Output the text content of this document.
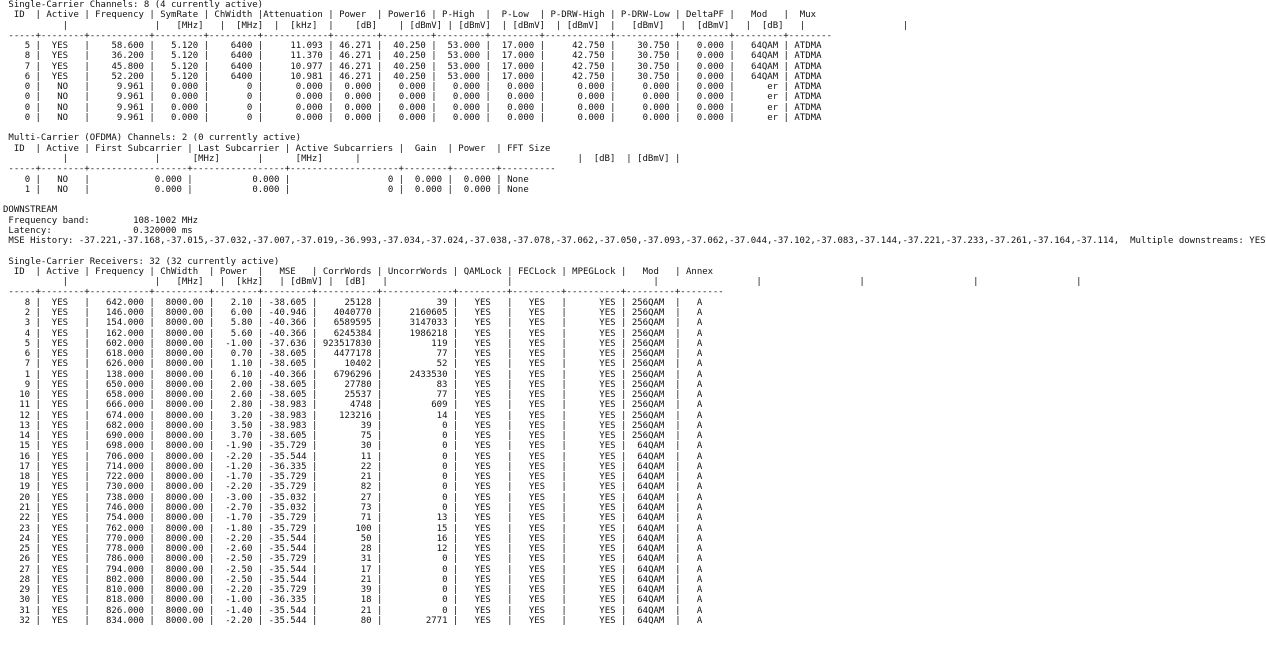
Single-Carrier Channels: 8 (4 currently active)
ID | Active | Frequency | SymRate | ChWidth |Attenuation | Power | Power16 | P-High | P-Low | P-DRW-High | P-DRW-Low | DeltaPF | Mod | Mux
|	| [MHz] | [MHz] | [kHz] | [dB] | [dBmV] | [dBmV] | [dBmV] | [dBmV] | [dBmV] | [dBmV] | [dB] |	|
-----+--------+-----------+---------+---------+------------+--------+---------+---------+---------+------------+-----------+---------+---------+--------
5 | YES | 58.600 | 5.120 | 6400 |	11.093 | 46.271 | 40.250 | 53.000 | 17.000 |	42.750 | 30.750 | 0.000 | 64QAM | ATDMA
8 | YES | 36.200 | 5.120 | 6400 |	11.370 | 46.271 | 40.250 | 53.000 | 17.000 |	42.750 | 30.750 | 0.000 | 64QAM | ATDMA
7 | YES | 45.800 | 5.120 | 6400 |	10.977 | 46.271 | 40.250 | 53.000 | 17.000 |	42.750 | 30.750 | 0.000 | 64QAM | ATDMA
6 | YES | 52.200 | 5.120 | 6400 |	10.981 | 46.271 | 40.250 | 53.000 | 17.000 |	42.750 | 30.750 | 0.000 | 64QAM | ATDMA
0 | NO |	9.961 | 0.000 |	0 |	0.000 | 0.000 | 0.000 | 0.000 | 0.000 |	0.000 |	0.000 | 0.000 |	er | ATDMA
0 | NO |	9.961 | 0.000 |	0 |	0.000 | 0.000 | 0.000 | 0.000 | 0.000 |	0.000 |	0.000 | 0.000 |	er | ATDMA
0 | NO |	9.961 | 0.000 |	0 |	0.000 | 0.000 | 0.000 | 0.000 | 0.000 |	0.000 |	0.000 | 0.000 |	er | ATDMA
0 | NO |	9.961 | 0.000 |	0 |	0.000 | 0.000 | 0.000 | 0.000 | 0.000 |	0.000 |	0.000 | 0.000 |	er | ATDMA
Multi-Carrier (OFDMA) Channels: 2 (0 currently active)
ID | Active | First Subcarrier | Last Subcarrier | Active Subcarriers | Gain | Power | FFT Size
|	|	[MHz]	|	[MHz]	|	| [dB] | [dBmV] |
-----+--------+------------------+-----------------+--------------------+--------+--------+----------
0 | NO |	0.000 |	0.000 |	0 | 0.000 | 0.000 | None
1 | NO |	0.000 |	0.000 |	0 | 0.000 | 0.000 | None
DOWNSTREAM
Frequency band:	108-1002 MHz
Latency:	0.320000 ms
MSE History: -37.221,-37.168,-37.015,-37.032,-37.007,-37.019,-36.993,-37.034,-37.024,-37.038,-37.078,-37.062,-37.050,-37.093,-37.062,-37.044,-37.102,-37.083,-37.144,-37.221,-37.233,-37.261,-37.164,-37.114, Multiple downstreams: YES
Single-Carrier Receivers: 32 (32 currently active)
ID | Active | Frequency | ChWidth | Power | MSE | CorrWords | UncorrWords | QAMLock | FECLock | MPEGLock | Mod | Annex
|	| [MHz] | [kHz] | [dBmV] | [dB] |	|	|	|	|	|	|
-----+--------+-----------+----------+--------+---------+-----------+-------------+---------+---------+----------+---------+--------
8 | YES | 642.000 | 8000.00 | 2.10 | -38.605 |	25128 |	39 | YES | YES |	YES | 256QAM | A
2 | YES | 146.000 | 8000.00 | 6.00 | -40.946 | 4040770 |	2160605 | YES | YES |	YES | 256QAM | A
3 | YES | 154.000 | 8000.00 | 5.80 | -40.366 | 6589595 |	3147033 | YES | YES |	YES | 256QAM | A
4 | YES | 162.000 | 8000.00 | 5.60 | -40.366 | 6245384 |	1986218 | YES | YES |	YES | 256QAM | A
5 | YES | 602.000 | 8000.00 | -1.00 | -37.636 | 923517830 |	119 | YES | YES |	YES | 256QAM | A
6 | YES | 618.000 | 8000.00 | 0.70 | -38.605 | 4477178 |	77 | YES | YES |	YES | 256QAM | A
7 | YES | 626.000 | 8000.00 | 1.10 | -38.605 |	10402 |	52 | YES | YES |	YES | 256QAM | A
1 | YES | 138.000 | 8000.00 | 6.10 | -40.366 | 6796296 |	2433530 | YES | YES |	YES | 256QAM | A
9 | YES | 650.000 | 8000.00 | 2.00 | -38.605 |	27780 |	83 | YES | YES |	YES | 256QAM | A
10 | YES | 658.000 | 8000.00 | 2.60 | -38.605 |	25537 |	77 | YES | YES |	YES | 256QAM | A
11 | YES | 666.000 | 8000.00 | 2.80 | -38.983 |	4748 |	609 | YES | YES |	YES | 256QAM | A
12 | YES | 674.000 | 8000.00 | 3.20 | -38.983 | 123216 |	14 | YES | YES |	YES | 256QAM | A
13 | YES | 682.000 | 8000.00 | 3.50 | -38.983 |	39 |	0 | YES | YES |	YES | 256QAM | A
14 | YES | 690.000 | 8000.00 | 3.70 | -38.605 |	75 |	0 | YES | YES |	YES | 256QAM | A
15 | YES | 698.000 | 8000.00 | -1.90 | -35.729 |	30 |	0 | YES | YES |	YES | 64QAM | A
16 | YES | 706.000 | 8000.00 | -2.20 | -35.544 |	11 |	0 | YES | YES |	YES | 64QAM | A
17 | YES | 714.000 | 8000.00 | -1.20 | -36.335 |	22 |	0 | YES | YES |	YES | 64QAM | A
18 | YES | 722.000 | 8000.00 | -1.70 | -35.729 |	21 |	0 | YES | YES |	YES | 64QAM | A
19 | YES | 730.000 | 8000.00 | -2.20 | -35.729 |	82 |	0 | YES | YES |	YES | 64QAM | A
20 | YES | 738.000 | 8000.00 | -3.00 | -35.032 |	27 |	0 | YES | YES |	YES | 64QAM | A
21 | YES | 746.000 | 8000.00 | -2.70 | -35.032 |	73 |	0 | YES | YES |	YES | 64QAM | A
22 | YES | 754.000 | 8000.00 | -1.70 | -35.729 |	71 |	13 | YES | YES |	YES | 64QAM | A
23 | YES | 762.000 | 8000.00 | -1.80 | -35.729 |	100 |	15 | YES | YES |	YES | 64QAM | A
24 | YES | 770.000 | 8000.00 | -2.20 | -35.544 |	50 |	16 | YES | YES |	YES | 64QAM | A
25 | YES | 778.000 | 8000.00 | -2.60 | -35.544 |	28 |	12 | YES | YES |	YES | 64QAM | A
26 | YES | 786.000 | 8000.00 | -2.50 | -35.729 |	31 |	0 | YES | YES |	YES | 64QAM | A
27 | YES | 794.000 | 8000.00 | -2.50 | -35.544 |	17 |	0 | YES | YES |	YES | 64QAM | A
28 | YES | 802.000 | 8000.00 | -2.50 | -35.544 |	21 |	0 | YES | YES |	YES | 64QAM | A
29 | YES | 810.000 | 8000.00 | -2.20 | -35.729 |	39 |	0 | YES | YES |	YES | 64QAM | A
30 | YES | 818.000 | 8000.00 | -1.00 | -36.335 |	18 |	0 | YES | YES |	YES | 64QAM | A
31 | YES | 826.000 | 8000.00 | -1.40 | -35.544 |	21 |	0 | YES | YES |	YES | 64QAM | A
32 | YES | 834.000 | 8000.00 | -2.20 | -35.544 |	80 |	2771 | YES | YES |	YES | 64QAM | A
